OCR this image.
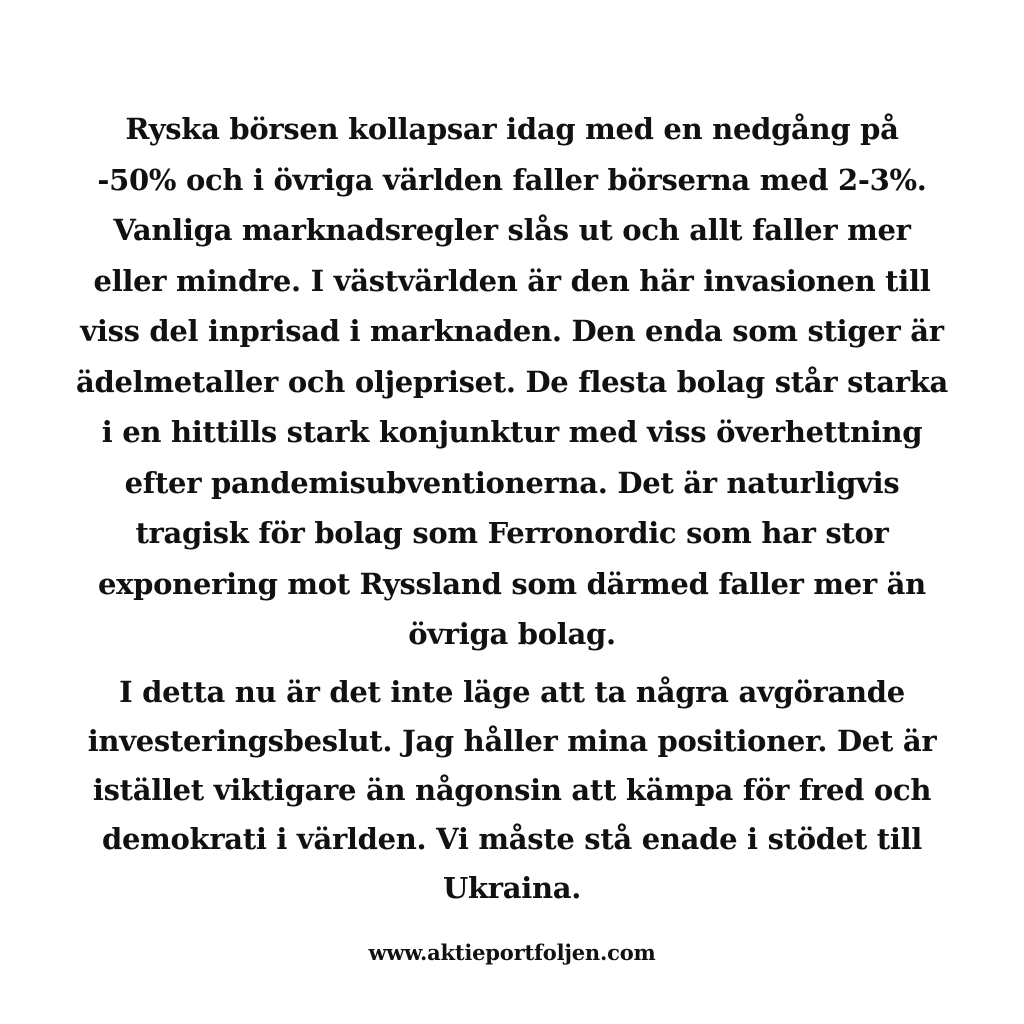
Ryska börsen kollapsar idag med en nedgång på
-50% och i övriga världen faller börserna med 2-3%.
Vanliga marknadsregler slås ut och allt faller mer
eller mindre. I västvärlden är den här invasionen till
viss del inprisad i marknaden. Den enda som stiger är
ädelmetaller och oljepriset. De flesta bolag står starka
i en hittills stark konjunktur med viss överhettning
efter pandemisubventionerna. Det är naturligvis
tragisk för bolag som Ferronordic som har stor
exponering mot Ryssland som därmed faller mer än
övriga bolag.
I detta nu är det inte läge att ta några avgörande
investeringsbeslut. Jag håller mina positioner. Det är
istället viktigare än någonsin att kämpa för fred och
demokrati i världen. Vi måste stå enade i stödet till
Ukraina.
www.aktieportfoljen.com
